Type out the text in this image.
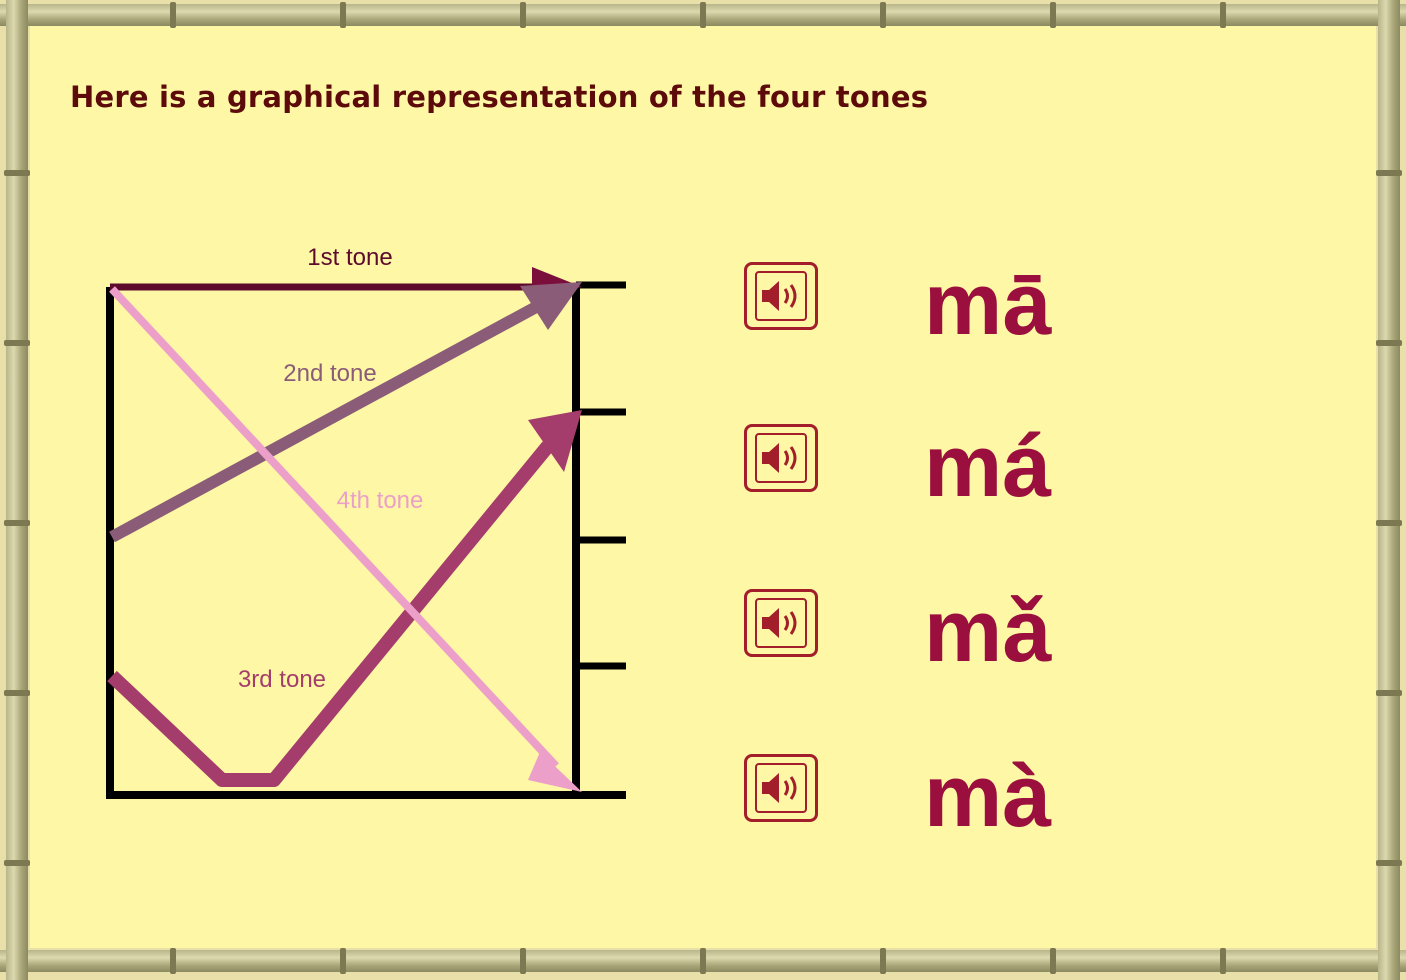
Here is a graphical representation of the four tones
1st tone
2nd tone
4th tone
3rd tone

mā

má

mǎ

mà
